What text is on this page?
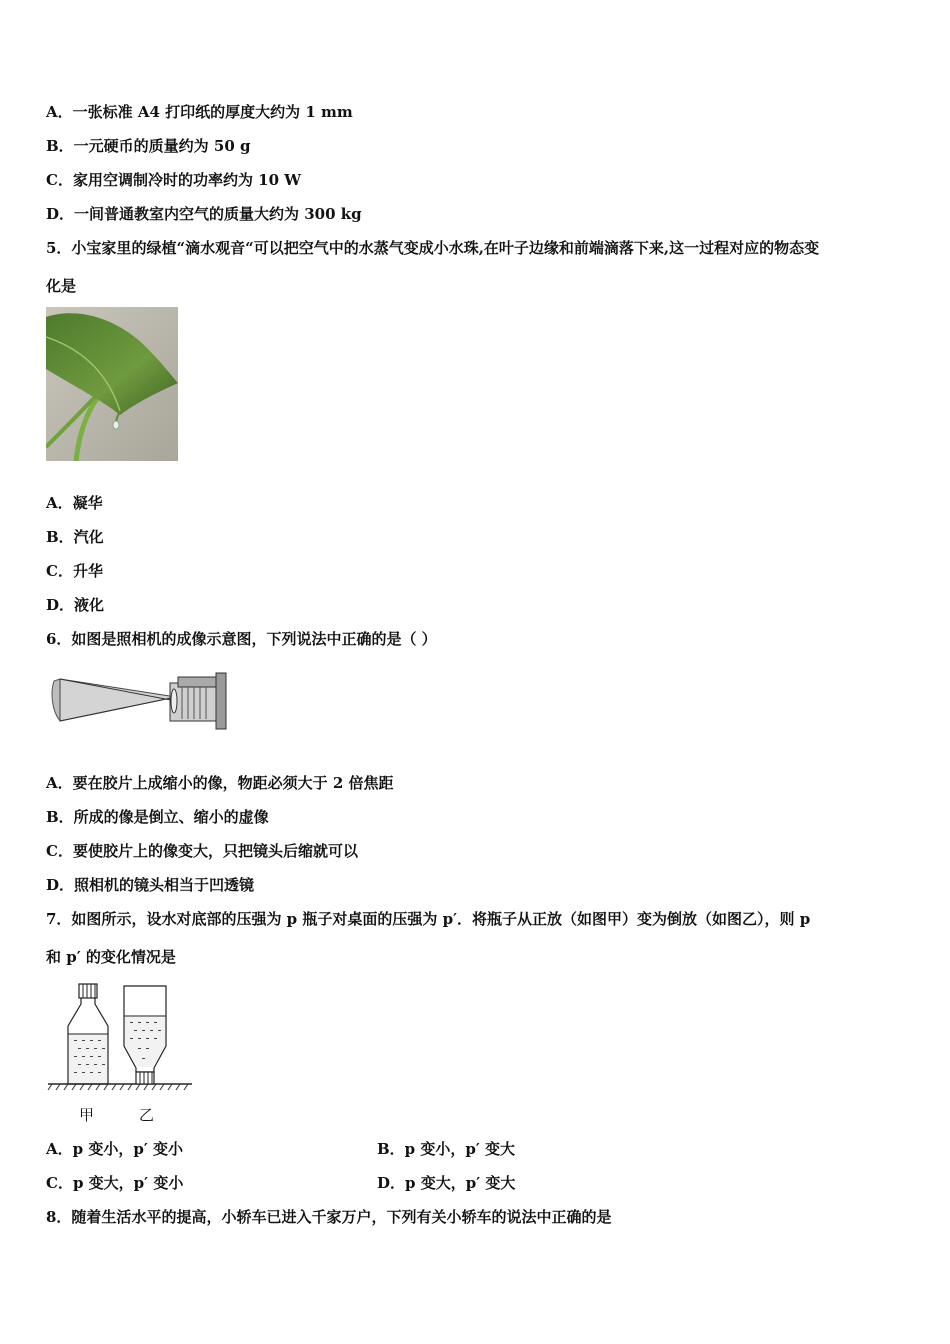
A．一张标准 A4 打印纸的厚度大约为 1 mm
B．一元硬币的质量约为 50 g
C．家用空调制冷时的功率约为 10 W
D．一间普通教室内空气的质量大约为 300 kg
5．小宝家里的绿植“滴水观音“可以把空气中的水蒸气变成小水珠,在叶子边缘和前端滴落下来,这一过程对应的物态变
化是
A．凝华
B．汽化
C．升华
D．液化
6．如图是照相机的成像示意图，下列说法中正确的是（ ）
A．要在胶片上成缩小的像，物距必须大于 2 倍焦距
B．所成的像是倒立、缩小的虚像
C．要使胶片上的像变大，只把镜头后缩就可以
D．照相机的镜头相当于凹透镜
7．如图所示，设水对底部的压强为 p 瓶子对桌面的压强为 p′．将瓶子从正放（如图甲）变为倒放（如图乙），则 p
和 p′ 的变化情况是
甲	乙
A．p 变小，p′ 变小	B．p 变小，p′ 变大
C．p 变大，p′ 变小	D．p 变大，p′ 变大
8．随着生活水平的提高，小轿车已进入千家万户，下列有关小轿车的说法中正确的是
